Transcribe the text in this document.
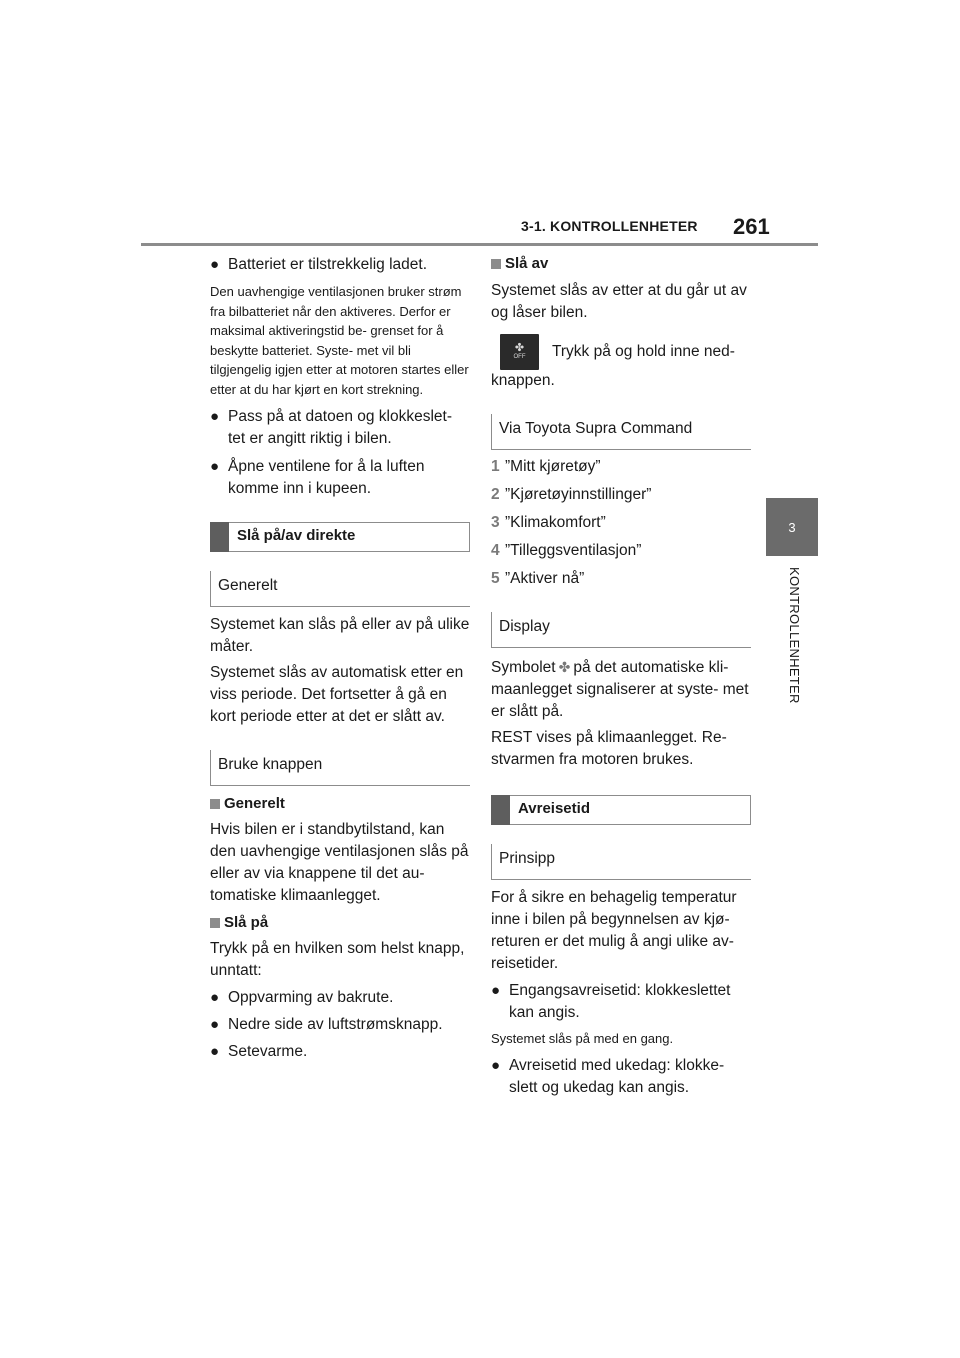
3-1. KONTROLLENHETER 261
3
KONTROLLENHETER
● Batteriet er tilstrekkelig ladet.

Den uavhengige ventilasjonen bruker strøm fra bilbatteriet når den aktiveres. Derfor er maksimal aktiveringstid be- grenset for å beskytte batteriet. Syste- met vil bli tilgjengelig igjen etter at motoren startes eller etter at du har kjørt en kort strekning.

● Pass på at datoen og klokkeslet- tet er angitt riktig i bilen.
● Åpne ventilene for å la luften komme inn i kupeen.
Slå på/av direkte
Generelt

Systemet kan slås på eller av på ulike måter.

Systemet slås av automatisk etter en viss periode. Det fortsetter å gå en kort periode etter at det er slått av.

Bruke knappen
Generelt

Hvis bilen er i standbytilstand, kan den uavhengige ventilasjonen slås på eller av via knappene til det au- tomatiske klimaanlegget.

Slå på

Trykk på en hvilken som helst knapp, unntatt:

● Oppvarming av bakrute.
● Nedre side av luftstrømsknapp.
● Setevarme.
Slå av

Systemet slås av etter at du går ut av og låser bilen.

✤
OFF Trykk på og hold inne ned-

knappen.

Via Toyota Supra Command
1 ”Mitt kjøretøy”
2 ”Kjøretøyinnstillinger”
3 ”Klimakomfort”
4 ”Tilleggsventilasjon”
5 ”Aktiver nå”
Display

Symbolet ✤ på det automatiske kli- maanlegget signaliserer at syste- met er slått på.

REST vises på klimaanlegget. Re- stvarmen fra motoren brukes.

Avreisetid
Prinsipp

For å sikre en behagelig temperatur inne i bilen på begynnelsen av kjø- returen er det mulig å angi ulike av- reisetider.

● Engangsavreisetid: klokkeslettet kan angis.

Systemet slås på med en gang.

● Avreisetid med ukedag: klokke- slett og ukedag kan angis.
